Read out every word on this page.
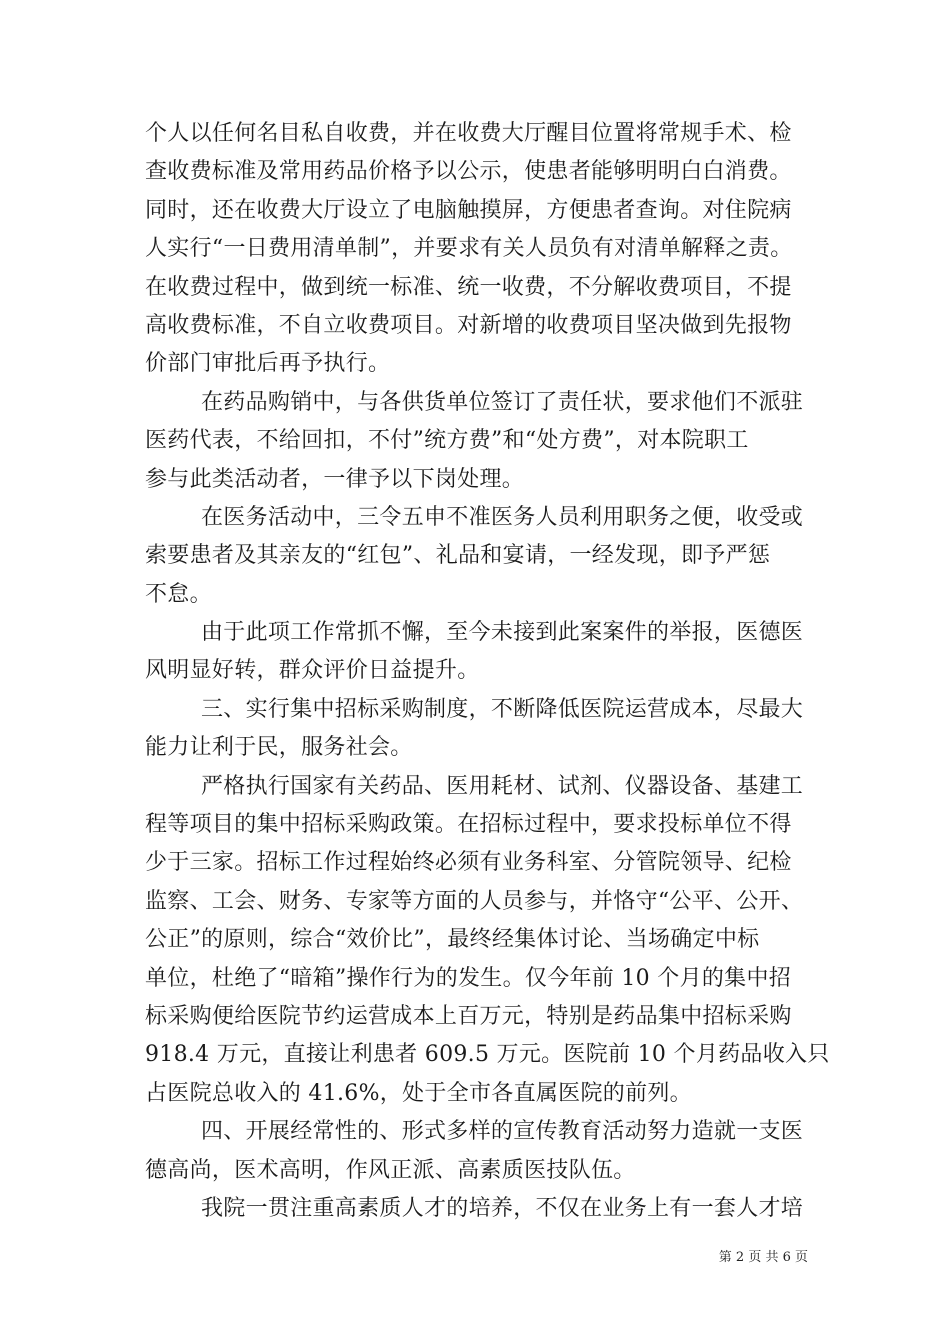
个人以任何名目私自收费，并在收费大厅醒目位置将常规手术、检
查收费标准及常用药品价格予以公示，使患者能够明明白白消费。
同时，还在收费大厅设立了电脑触摸屏，方便患者查询。对住院病
人实行“一日费用清单制”，并要求有关人员负有对清单解释之责。
在收费过程中，做到统一标准、统一收费，不分解收费项目，不提
高收费标准，不自立收费项目。对新增的收费项目坚决做到先报物
价部门审批后再予执行。
在药品购销中，与各供货单位签订了责任状，要求他们不派驻
医药代表，不给回扣，不付”统方费”和“处方费”，对本院职工
参与此类活动者，一律予以下岗处理。
在医务活动中，三令五申不准医务人员利用职务之便，收受或
索要患者及其亲友的“红包”、礼品和宴请，一经发现，即予严惩
不怠。
由于此项工作常抓不懈，至今未接到此案案件的举报，医德医
风明显好转，群众评价日益提升。
三、实行集中招标采购制度，不断降低医院运营成本，尽最大
能力让利于民，服务社会。
严格执行国家有关药品、医用耗材、试剂、仪器设备、基建工
程等项目的集中招标采购政策。在招标过程中，要求投标单位不得
少于三家。招标工作过程始终必须有业务科室、分管院领导、纪检
监察、工会、财务、专家等方面的人员参与，并恪守“公平、公开、
公正”的原则，综合“效价比”，最终经集体讨论、当场确定中标
单位，杜绝了“暗箱”操作行为的发生。仅今年前 10 个月的集中招
标采购便给医院节约运营成本上百万元，特别是药品集中招标采购
918.4 万元，直接让利患者 609.5 万元。医院前 10 个月药品收入只
占医院总收入的 41.6%，处于全市各直属医院的前列。
四、开展经常性的、形式多样的宣传教育活动努力造就一支医
德高尚，医术高明，作风正派、高素质医技队伍。
我院一贯注重高素质人才的培养，不仅在业务上有一套人才培
第 2 页 共 6 页
